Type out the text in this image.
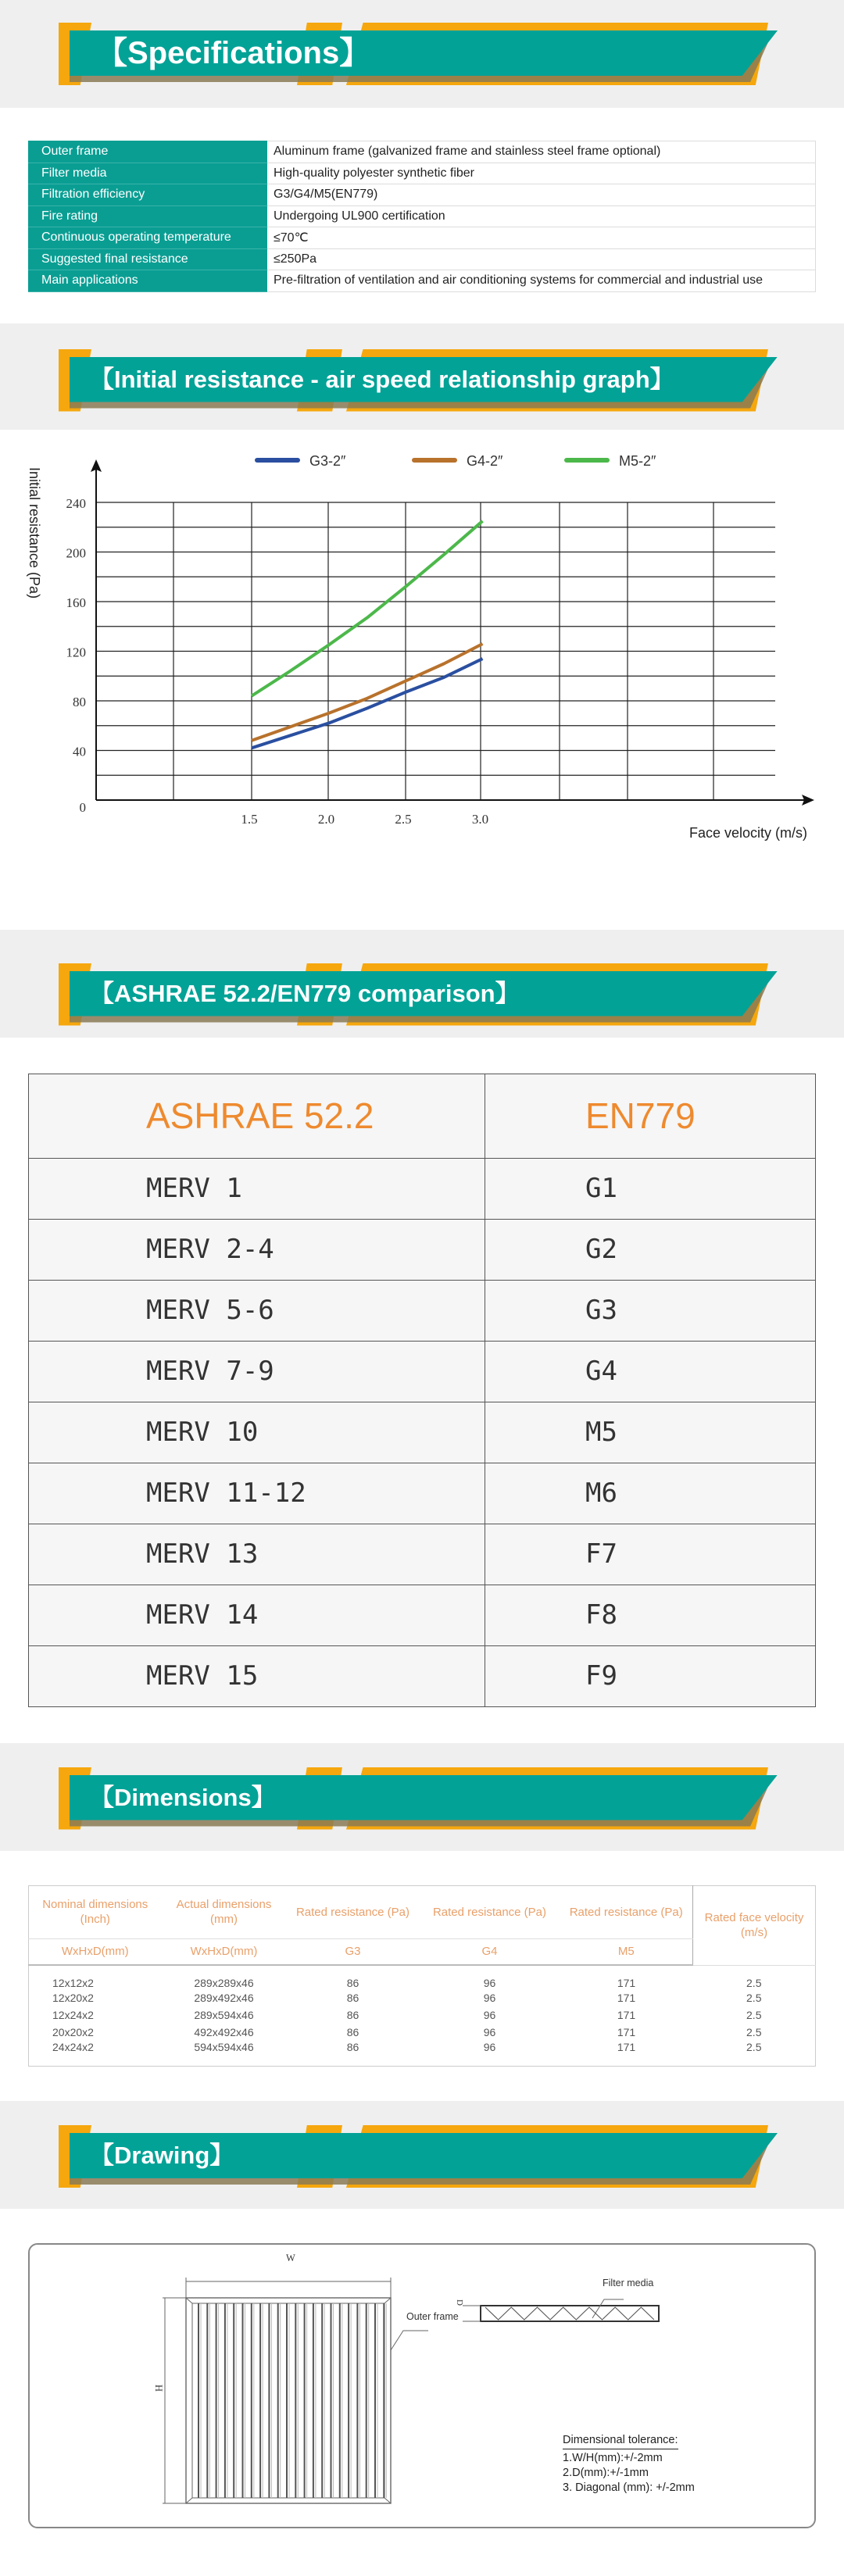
【Specifications】
Outer frame	Aluminum frame (galvanized frame and stainless steel frame optional)
Filter media	High-quality polyester synthetic fiber
Filtration efficiency	G3/G4/M5(EN779)
Fire rating	Undergoing UL900 certification
Continuous operating temperature	≤70℃
Suggested final resistance	≤250Pa
Main applications	Pre-filtration of ventilation and air conditioning systems for commercial and industrial use
【Initial resistance - air speed relationship graph】
0
40
80
120
160
200
240
1.5	2.0	2.5	3.0
Face velocity (m/s)
Initial resistance (Pa)
G3-2″	G4-2″	M5-2″
【ASHRAE 52.2/EN779 comparison】
ASHRAE 52.2	EN779
MERV 1	G1
MERV 2-4	G2
MERV 5-6	G3
MERV 7-9	G4
MERV 10	M5
MERV 11-12	M6
MERV 13	F7
MERV 14	F8
MERV 15	F9
【Dimensions】
Nominal dimensions (Inch)	Actual dimensions (mm)	Rated resistance (Pa)	Rated resistance (Pa)	Rated resistance (Pa)	Rated face velocity (m/s)
WxHxD(mm)	WxHxD(mm)	G3	G4	M5	
12x12x2	289x289x46	86	96	171	2.5
12x20x2	289x492x46	86	96	171	2.5
12x24x2	289x594x46	86	96	171	2.5
20x20x2	492x492x46	86	96	171	2.5
24x24x2	594x594x46	86	96	171	2.5
【Drawing】
W
H
D
Outer frame
Filter media
Dimensional tolerance:
1.W/H(mm):+/-2mm
2.D(mm):+/-1mm
3. Diagonal (mm): +/-2mm
